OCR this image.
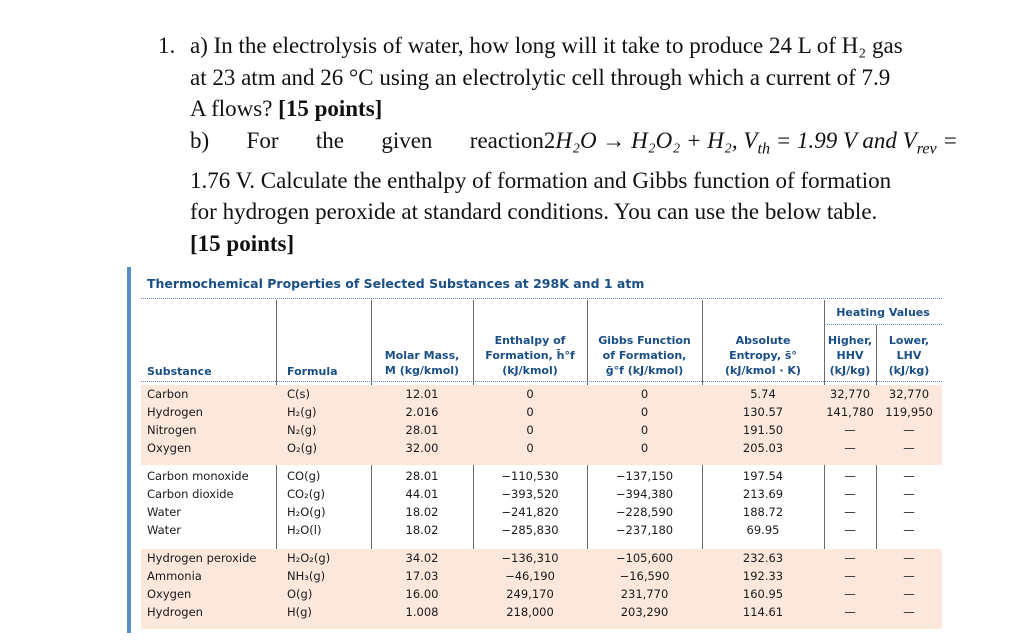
1. a) In the electrolysis of water, how long will it take to produce 24 L of H₂ gas
at 23 atm and 26 °C using an electrolytic cell through which a current of 7.9
A flows? [15 points]
b) For the given reaction2H₂O → H₂O₂ + H₂, $V_{th} = 1.99$ V and $V_{rev}$ =
1.76 V. Calculate the enthalpy of formation and Gibbs function of formation
for hydrogen peroxide at standard conditions. You can use the below table.
[15 points]
Thermochemical Properties of Selected Substances at 298K and 1 atm
Heating Values
Substance	Formula
Molar Mass,
M (kg/kmol)
Enthalpy of
Formation, h̄°f
(kJ/kmol)
Gibbs Function
of Formation,
ḡ°f (kJ/kmol)
Absolute
Entropy, s̄°
(kJ/kmol · K)
Higher,
HHV
(kJ/kg)
Lower,
LHV
(kJ/kg)
Carbon	C(s)	12.01	0	0	5.74	32,770	32,770
Hydrogen	H₂(g)	2.016	0	0	130.57	141,780 119,950
Nitrogen	N₂(g)	28.01	0	0	191.50	—	—
Oxygen	O₂(g)	32.00	0	0	205.03	—	—
Carbon monoxide	CO(g)	28.01	−110,530	−137,150	197.54	—	—
Carbon dioxide	CO₂(g)	44.01	−393,520	−394,380	213.69	—	—
Water	H₂O(g)	18.02	−241,820	−228,590	188.72	—	—
Water	H₂O(l)	18.02	−285,830	−237,180	69.95	—	—
Hydrogen peroxide	H₂O₂(g)	34.02	−136,310	−105,600	232.63	—	—
Ammonia	NH₃(g)	17.03	−46,190	−16,590	192.33	—	—
Oxygen	O(g)	16.00	249,170	231,770	160.95	—	—
Hydrogen	H(g)	1.008	218,000	203,290	114.61	—	—
